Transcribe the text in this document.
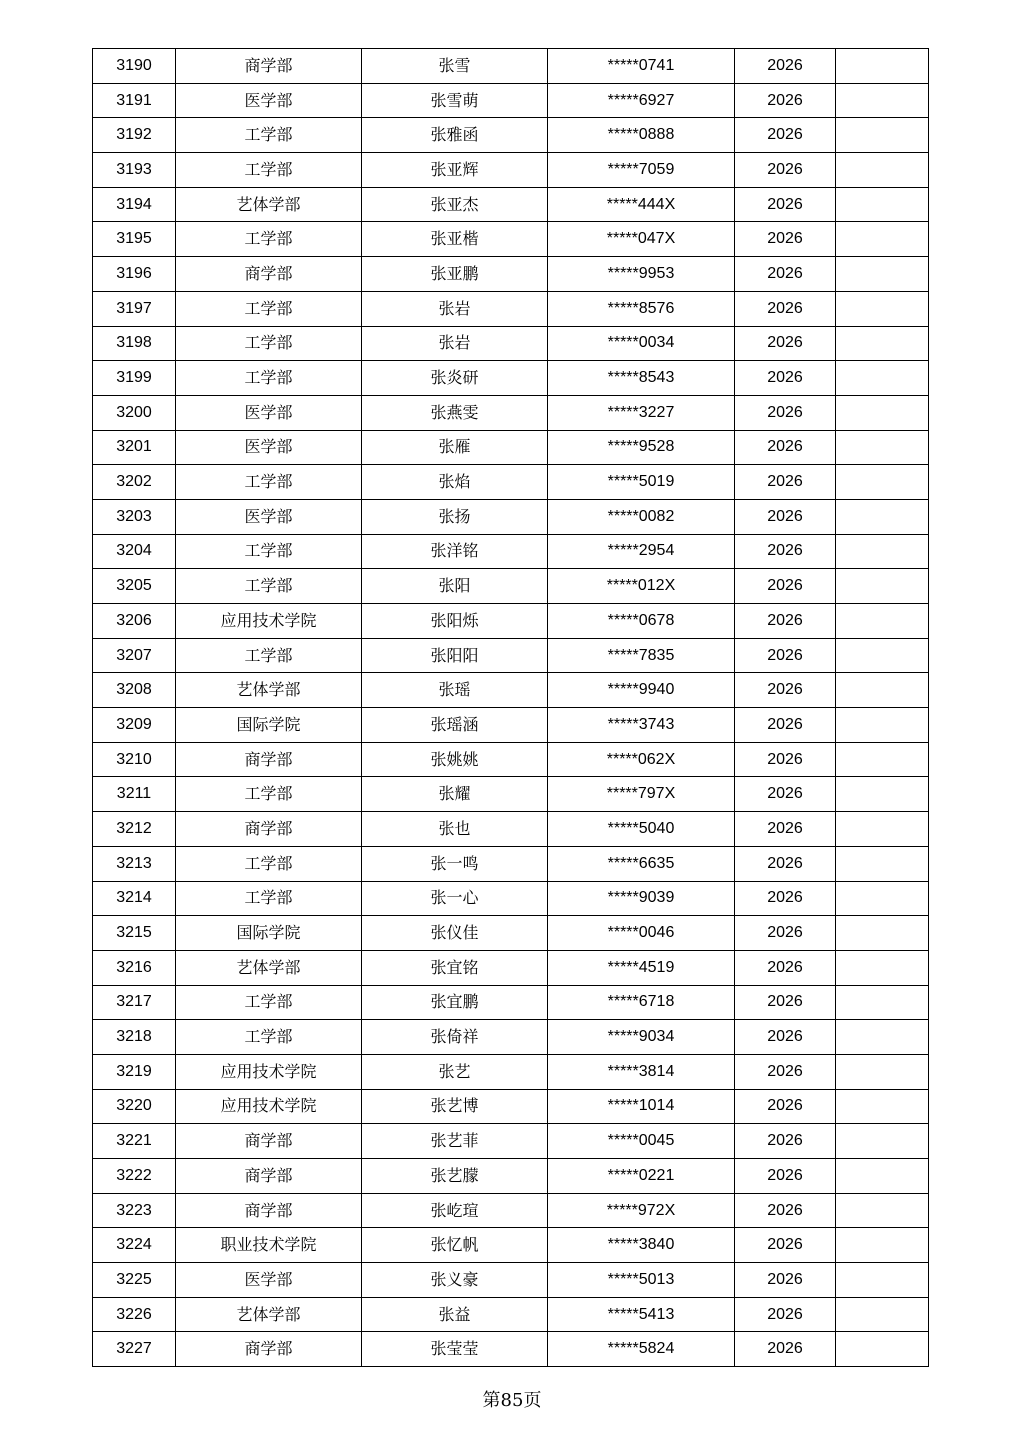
3190	商学部	张雪	*****0741	2026	
3191	医学部	张雪萌	*****6927	2026	
3192	工学部	张雅函	*****0888	2026	
3193	工学部	张亚辉	*****7059	2026	
3194	艺体学部	张亚杰	*****444X	2026	
3195	工学部	张亚楷	*****047X	2026	
3196	商学部	张亚鹏	*****9953	2026	
3197	工学部	张岩	*****8576	2026	
3198	工学部	张岩	*****0034	2026	
3199	工学部	张炎研	*****8543	2026	
3200	医学部	张燕雯	*****3227	2026	
3201	医学部	张雁	*****9528	2026	
3202	工学部	张焰	*****5019	2026	
3203	医学部	张扬	*****0082	2026	
3204	工学部	张洋铭	*****2954	2026	
3205	工学部	张阳	*****012X	2026	
3206	应用技术学院	张阳烁	*****0678	2026	
3207	工学部	张阳阳	*****7835	2026	
3208	艺体学部	张瑶	*****9940	2026	
3209	国际学院	张瑶涵	*****3743	2026	
3210	商学部	张姚姚	*****062X	2026	
3211	工学部	张耀	*****797X	2026	
3212	商学部	张也	*****5040	2026	
3213	工学部	张一鸣	*****6635	2026	
3214	工学部	张一心	*****9039	2026	
3215	国际学院	张仪佳	*****0046	2026	
3216	艺体学部	张宜铭	*****4519	2026	
3217	工学部	张宜鹏	*****6718	2026	
3218	工学部	张倚祥	*****9034	2026	
3219	应用技术学院	张艺	*****3814	2026	
3220	应用技术学院	张艺博	*****1014	2026	
3221	商学部	张艺菲	*****0045	2026	
3222	商学部	张艺朦	*****0221	2026	
3223	商学部	张屹瑄	*****972X	2026	
3224	职业技术学院	张忆帆	*****3840	2026	
3225	医学部	张义豪	*****5013	2026	
3226	艺体学部	张益	*****5413	2026	
3227	商学部	张莹莹	*****5824	2026	
第85页
